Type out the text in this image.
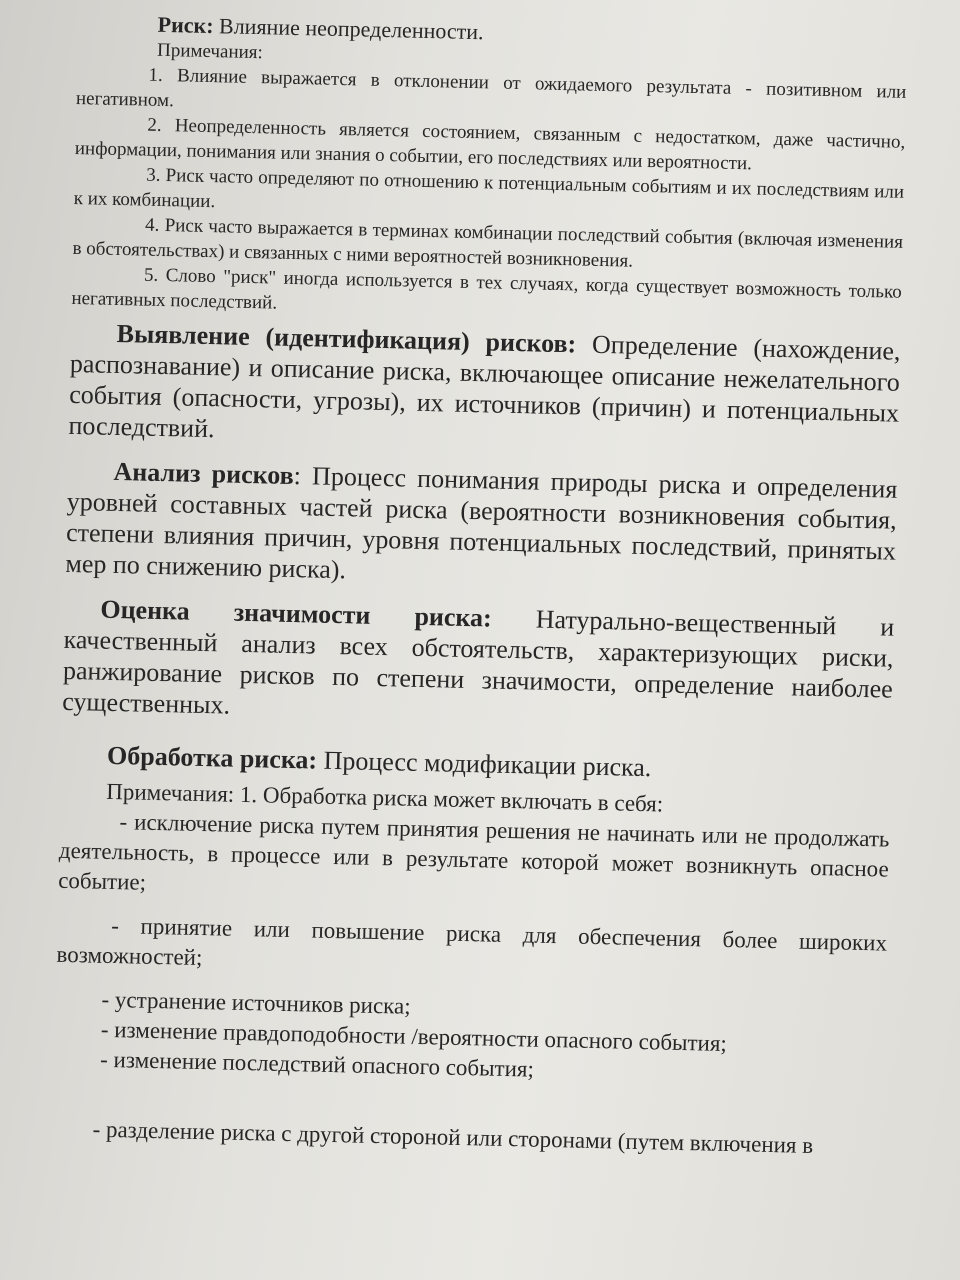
Риск: Влияние неопределенности.

Примечания:

1. Влияние выражается в отклонении от ожидаемого результата - позитивном или негативном.

2. Неопределенность является состоянием, связанным с недостатком, даже частично, информации, понимания или знания о событии, его последствиях или вероятности.

3. Риск часто определяют по отношению к потенциальным событиям и их последствиям или к их комбинации.

4. Риск часто выражается в терминах комбинации последствий события (включая изменения в обстоятельствах) и связанных с ними вероятностей возникновения.

5. Слово "риск" иногда используется в тех случаях, когда существует возможность только негативных последствий.

Выявление (идентификация) рисков: Определение (нахождение, распознавание) и описание риска, включающее описание нежелательного события (опасности, угрозы), их источников (причин) и потенциальных последствий.

Анализ рисков: Процесс понимания природы риска и определения уровней составных частей риска (вероятности возникновения события, степени влияния причин, уровня потенциальных последствий, принятых мер по снижению риска).

Оценка значимости риска: Натурально-вещественный и качественный анализ всех обстоятельств, характеризующих риски, ранжирование рисков по степени значимости, определение наиболее существенных.

Обработка риска: Процесс модификации риска.

Примечания: 1. Обработка риска может включать в себя:

- исключение риска путем принятия решения не начинать или не продолжать деятельность, в процессе или в результате которой может возникнуть опасное событие;

- принятие или повышение риска для обеспечения более широких возможностей;

- устранение источников риска;

- изменение правдоподобности /вероятности опасного события;

- изменение последствий опасного события;

- разделение риска с другой стороной или сторонами (путем включения в
